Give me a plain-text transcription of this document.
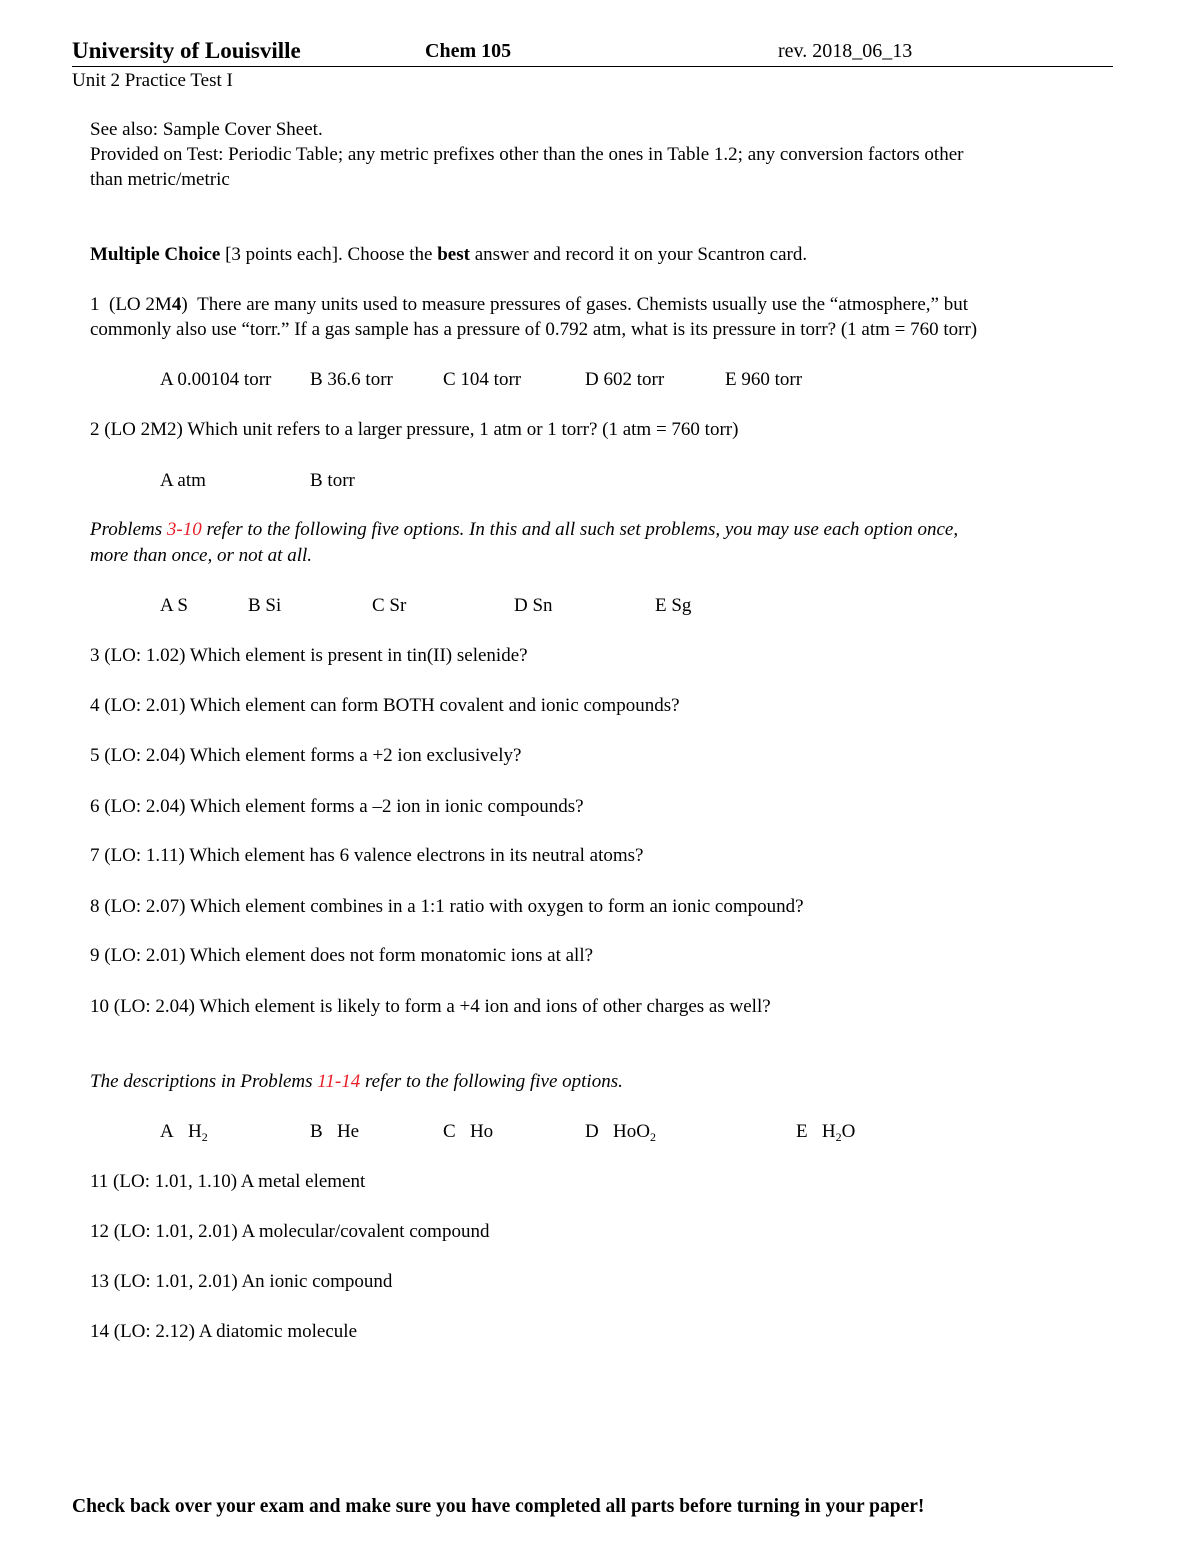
University of Louisville	Chem 105	rev. 2018_06_13
Unit 2 Practice Test I
See also: Sample Cover Sheet.
Provided on Test: Periodic Table; any metric prefixes other than the ones in Table 1.2; any conversion factors other
than metric/metric
Multiple Choice [3 points each]. Choose the best answer and record it on your Scantron card.
1 (LO 2M4) There are many units used to measure pressures of gases. Chemists usually use the “atmosphere,” but
commonly also use “torr.” If a gas sample has a pressure of 0.792 atm, what is its pressure in torr? (1 atm = 760 torr)
A 0.00104 torr B 36.6 torr	C 104 torr	D 602 torr	E 960 torr
2 (LO 2M2) Which unit refers to a larger pressure, 1 atm or 1 torr? (1 atm = 760 torr)
A atm	B torr
Problems 3-10 refer to the following five options. In this and all such set problems, you may use each option once,
more than once, or not at all.
A S	B Si	C Sr	D Sn	E Sg
3 (LO: 1.02) Which element is present in tin(II) selenide?
4 (LO: 2.01) Which element can form BOTH covalent and ionic compounds?
5 (LO: 2.04) Which element forms a +2 ion exclusively?
6 (LO: 2.04) Which element forms a –2 ion in ionic compounds?
7 (LO: 1.11) Which element has 6 valence electrons in its neutral atoms?
8 (LO: 2.07) Which element combines in a 1:1 ratio with oxygen to form an ionic compound?
9 (LO: 2.01) Which element does not form monatomic ions at all?
10 (LO: 2.04) Which element is likely to form a +4 ion and ions of other charges as well?
The descriptions in Problems 11-14 refer to the following five options.
A $H_2$	B He	C Ho	D HoO$_2$	E $H_2O$
11 (LO: 1.01, 1.10) A metal element
12 (LO: 1.01, 2.01) A molecular/covalent compound
13 (LO: 1.01, 2.01) An ionic compound
14 (LO: 2.12) A diatomic molecule
Check back over your exam and make sure you have completed all parts before turning in your paper!
